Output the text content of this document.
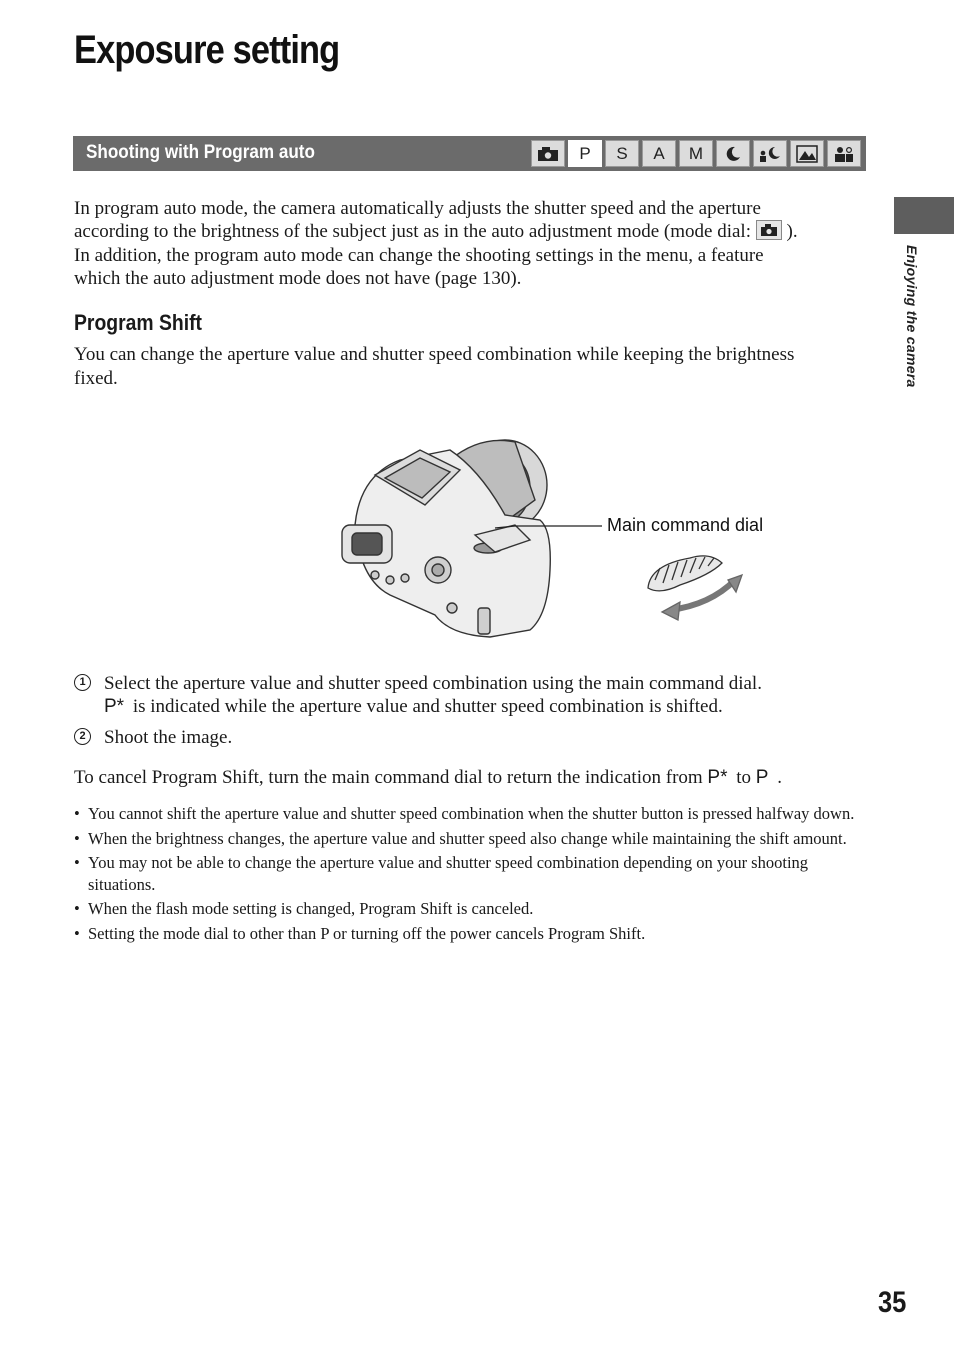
Exposure setting
Enjoying the camera
Shooting with Program auto	P	S	A	M

In program auto mode, the camera automatically adjusts the shutter speed and the aperture

according to the brightness of the subject just as in the auto adjustment mode (mode dial:
).

In addition, the program auto mode can change the shooting settings in the menu, a feature

which the auto adjustment mode does not have (page 130).

Program Shift

You can change the aperture value and shutter speed combination while keeping the brightness

fixed.

Main command dial
1 Select the aperture value and shutter speed combination using the main command dial.
P* is indicated while the aperture value and shutter speed combination is shifted.
2 Shoot the image.

To cancel Program Shift, turn the main command dial to return the indication from P* to P .

• You cannot shift the aperture value and shutter speed combination when the shutter button is pressed halfway down.
• When the brightness changes, the aperture value and shutter speed also change while maintaining the shift amount.
• You may not be able to change the aperture value and shutter speed combination depending on your shooting situations.
• When the flash mode setting is changed, Program Shift is canceled.
• Setting the mode dial to other than P or turning off the power cancels Program Shift.
35
